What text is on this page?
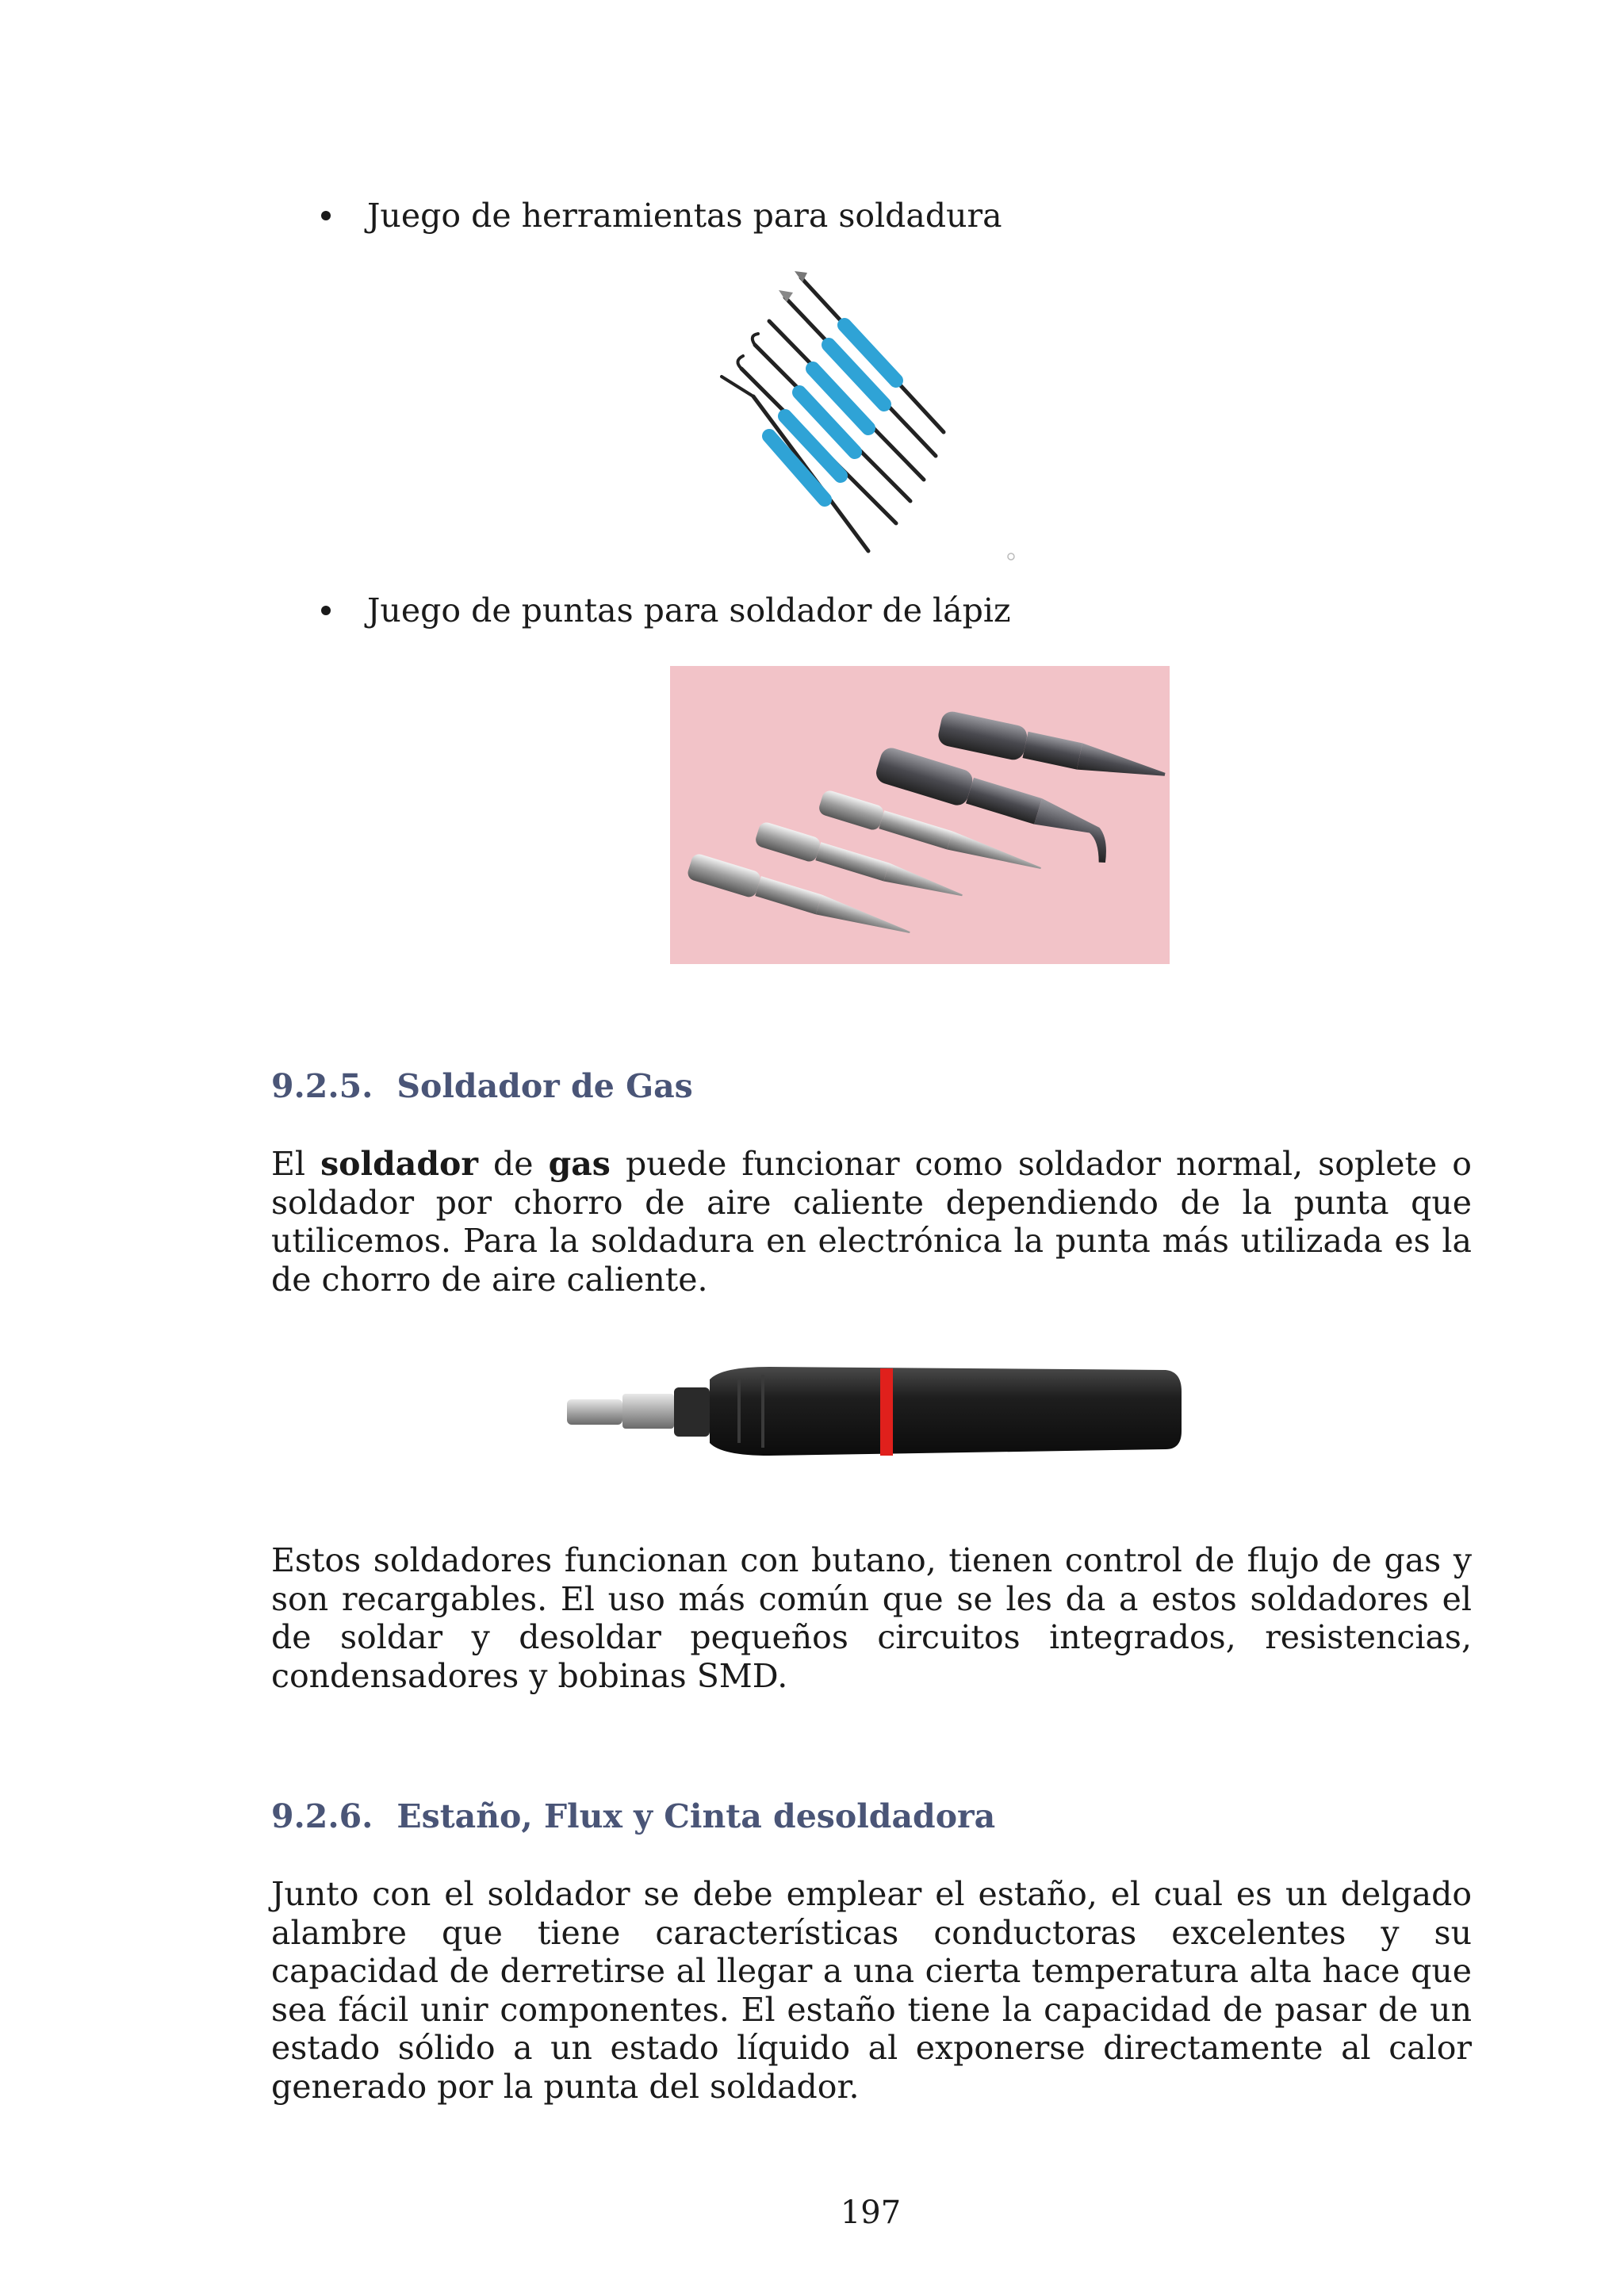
Juego de herramientas para soldadura
Juego de puntas para soldador de lápiz
9.2.5. Soldador de Gas

El soldador de gas puede funcionar como soldador normal, soplete o soldador por chorro de aire caliente dependiendo de la punta que utilicemos. Para la soldadura en electrónica la punta más utilizada es la de chorro de aire caliente.

Estos soldadores funcionan con butano, tienen control de flujo de gas y son recargables. El uso más común que se les da a estos soldadores el de soldar y desoldar pequeños circuitos integrados, resistencias, condensadores y bobinas SMD.

9.2.6. Estaño, Flux y Cinta desoldadora

Junto con el soldador se debe emplear el estaño, el cual es un delgado alambre que tiene características conductoras excelentes y su capacidad de derretirse al llegar a una cierta temperatura alta hace que sea fácil unir componentes. El estaño tiene la capacidad de pasar de un estado sólido a un estado líquido al exponerse directamente al calor generado por la punta del soldador.

197
